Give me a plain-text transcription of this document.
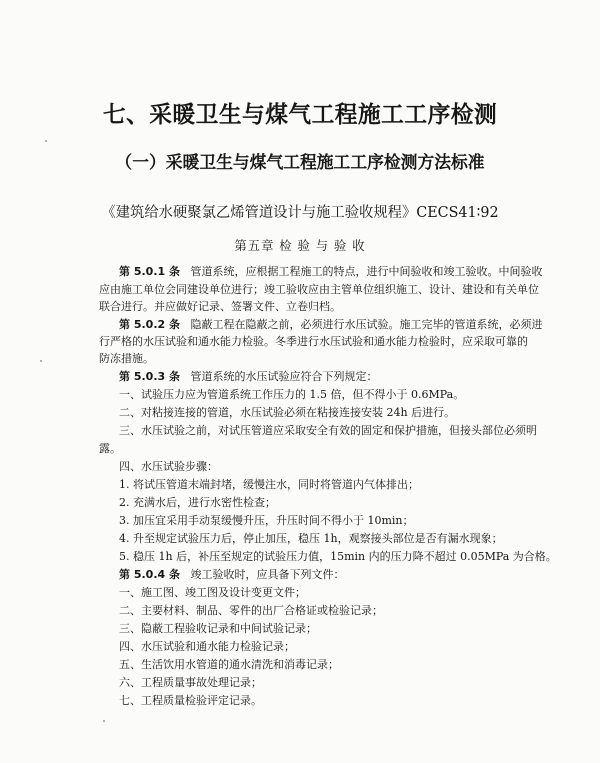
七、采暖卫生与煤气工程施工工序检测
（一）采暖卫生与煤气工程施工工序检测方法标准
《建筑给水硬聚氯乙烯管道设计与施工验收规程》CECS41∶92
第五章 检 验 与 验 收
第 5.0.1 条 管道系统，应根据工程施工的特点，进行中间验收和竣工验收。中间验收
应由施工单位会同建设单位进行；竣工验收应由主管单位组织施工、设计、建设和有关单位
联合进行。并应做好记录、签署文件、立卷归档。
第 5.0.2 条 隐蔽工程在隐蔽之前，必须进行水压试验。施工完毕的管道系统，必须进
行严格的水压试验和通水能力检验。冬季进行水压试验和通水能力检验时，应采取可靠的
防冻措施。
第 5.0.3 条 管道系统的水压试验应符合下列规定：
一、试验压力应为管道系统工作压力的 1.5 倍，但不得小于 0.6MPa。
二、对粘接连接的管道，水压试验必须在粘接连接安装 24h 后进行。
三、水压试验之前，对试压管道应采取安全有效的固定和保护措施，但接头部位必须明
露。
四、水压试验步骤：
1. 将试压管道末端封堵，缓慢注水，同时将管道内气体排出；
2. 充满水后，进行水密性检查；
3. 加压宜采用手动泵缓慢升压，升压时间不得小于 10min；
4. 升至规定试验压力后，停止加压，稳压 1h，观察接头部位是否有漏水现象；
5. 稳压 1h 后，补压至规定的试验压力值，15min 内的压力降不超过 0.05MPa 为合格。
第 5.0.4 条 竣工验收时，应具备下列文件：
一、施工图、竣工图及设计变更文件；
二、主要材料、制品、零件的出厂合格证或检验记录；
三、隐蔽工程验收记录和中间试验记录；
四、水压试验和通水能力检验记录；
五、生活饮用水管道的通水清洗和消毒记录；
六、工程质量事故处理记录；
七、工程质量检验评定记录。
